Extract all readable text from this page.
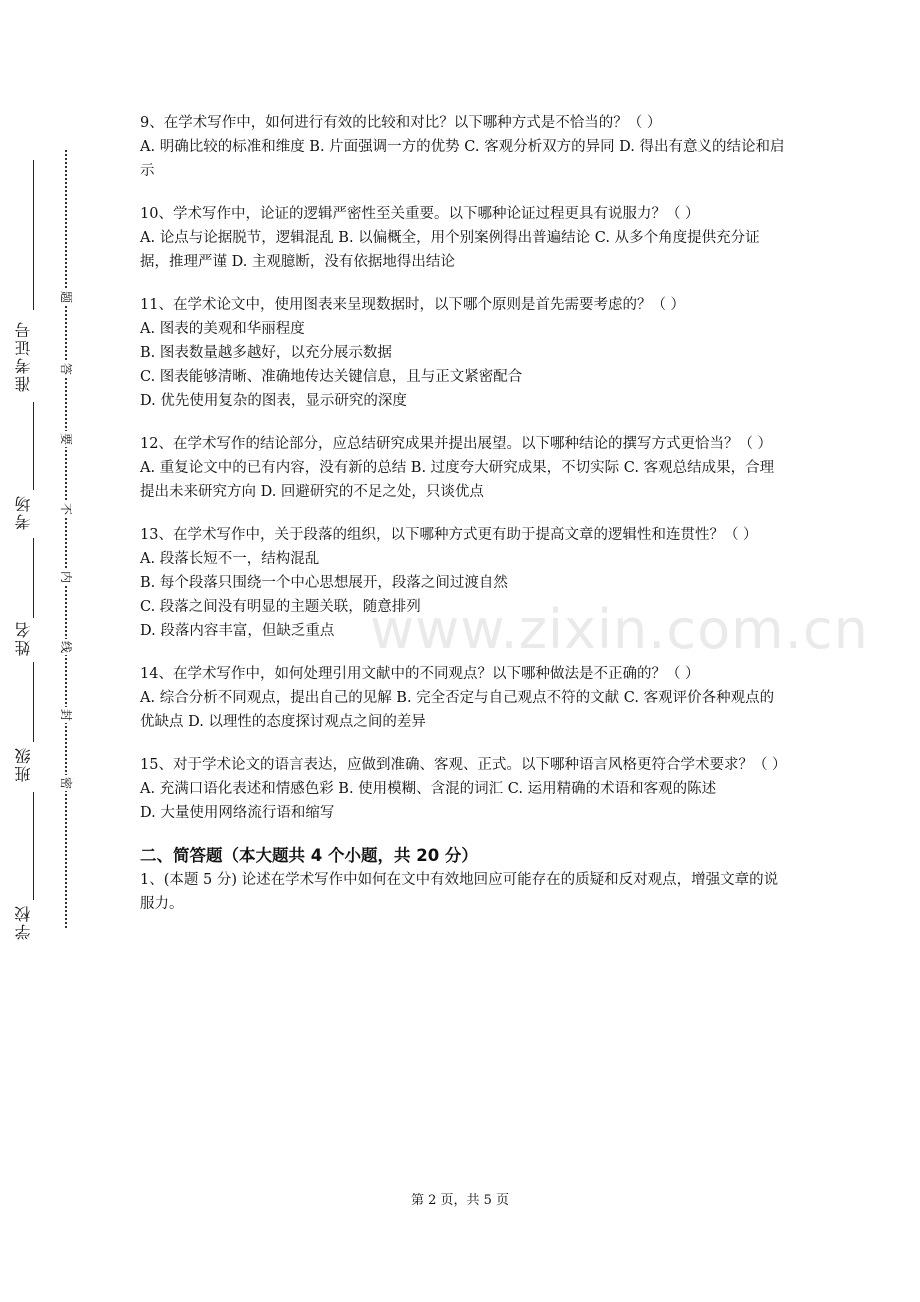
准考证号
考场
姓名
班级
学校
题
答
要
不
内
线
封
密
www.zixin.com.cn

9、在学术写作中，如何进行有效的比较和对比？以下哪种方式是不恰当的？（ ）

A. 明确比较的标准和维度 B. 片面强调一方的优势 C. 客观分析双方的异同 D. 得出有意义的结论和启示

10、学术写作中，论证的逻辑严密性至关重要。以下哪种论证过程更具有说服力？（ ）

A. 论点与论据脱节，逻辑混乱 B. 以偏概全，用个别案例得出普遍结论 C. 从多个角度提供充分证据，推理严谨 D. 主观臆断，没有依据地得出结论

11、在学术论文中，使用图表来呈现数据时，以下哪个原则是首先需要考虑的？（ ）

A. 图表的美观和华丽程度

B. 图表数量越多越好，以充分展示数据

C. 图表能够清晰、准确地传达关键信息，且与正文紧密配合

D. 优先使用复杂的图表，显示研究的深度

12、在学术写作的结论部分，应总结研究成果并提出展望。以下哪种结论的撰写方式更恰当？（ ）

A. 重复论文中的已有内容，没有新的总结 B. 过度夸大研究成果，不切实际 C. 客观总结成果，合理提出未来研究方向 D. 回避研究的不足之处，只谈优点

13、在学术写作中，关于段落的组织，以下哪种方式更有助于提高文章的逻辑性和连贯性？（ ）

A. 段落长短不一，结构混乱

B. 每个段落只围绕一个中心思想展开，段落之间过渡自然

C. 段落之间没有明显的主题关联，随意排列

D. 段落内容丰富，但缺乏重点

14、在学术写作中，如何处理引用文献中的不同观点？以下哪种做法是不正确的？（ ）

A. 综合分析不同观点，提出自己的见解 B. 完全否定与自己观点不符的文献 C. 客观评价各种观点的优缺点 D. 以理性的态度探讨观点之间的差异

15、对于学术论文的语言表达，应做到准确、客观、正式。以下哪种语言风格更符合学术要求？（ ）

A. 充满口语化表述和情感色彩 B. 使用模糊、含混的词汇 C. 运用精确的术语和客观的陈述

D. 大量使用网络流行语和缩写

二、简答题（本大题共 4 个小题，共 20 分）

1、(本题 5 分) 论述在学术写作中如何在文中有效地回应可能存在的质疑和反对观点，增强文章的说服力。

第 2 页，共 5 页
